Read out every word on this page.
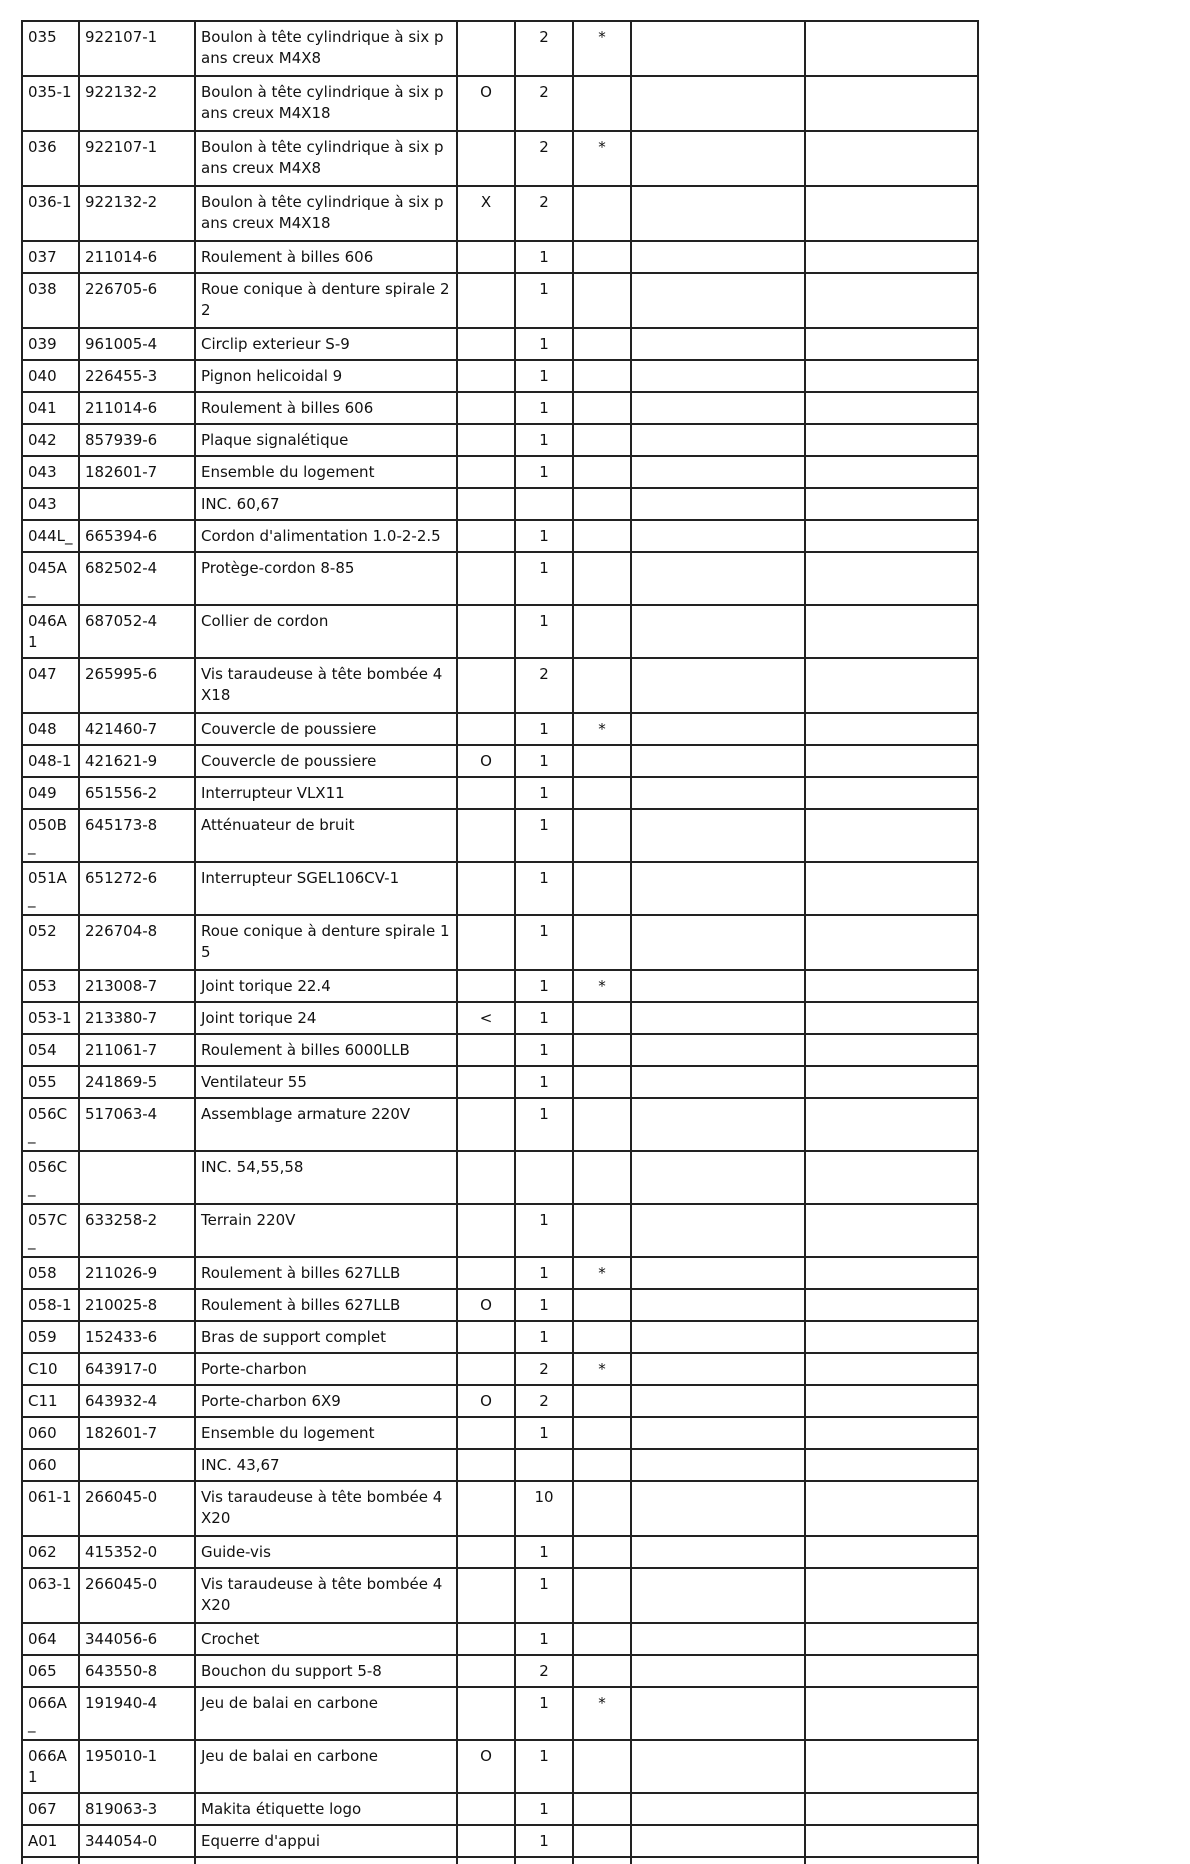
035	922107-1	Boulon à tête cylindrique à six pans creux M4X8		2	*		
035-1	922132-2	Boulon à tête cylindrique à six pans creux M4X18	O	2			
036	922107-1	Boulon à tête cylindrique à six pans creux M4X8		2	*		
036-1	922132-2	Boulon à tête cylindrique à six pans creux M4X18	X	2			
037	211014-6	Roulement à billes 606		1			
038	226705-6	Roue conique à denture spirale 22		1			
039	961005-4	Circlip exterieur S-9		1			
040	226455-3	Pignon helicoidal 9		1			
041	211014-6	Roulement à billes 606		1			
042	857939-6	Plaque signalétique		1			
043	182601-7	Ensemble du logement		1			
043		INC. 60,67					
044L_	665394-6	Cordon d'alimentation 1.0-2-2.5		1			
045A_	682502-4	Protège-cordon 8-85		1			
046A1	687052-4	Collier de cordon		1			
047	265995-6	Vis taraudeuse à tête bombée 4X18		2			
048	421460-7	Couvercle de poussiere		1	*		
048-1	421621-9	Couvercle de poussiere	O	1			
049	651556-2	Interrupteur VLX11		1			
050B_	645173-8	Atténuateur de bruit		1			
051A_	651272-6	Interrupteur SGEL106CV-1		1			
052	226704-8	Roue conique à denture spirale 15		1			
053	213008-7	Joint torique 22.4		1	*		
053-1	213380-7	Joint torique 24	<	1			
054	211061-7	Roulement à billes 6000LLB		1			
055	241869-5	Ventilateur 55		1			
056C_	517063-4	Assemblage armature 220V		1			
056C_		INC. 54,55,58					
057C_	633258-2	Terrain 220V		1			
058	211026-9	Roulement à billes 627LLB		1	*		
058-1	210025-8	Roulement à billes 627LLB	O	1			
059	152433-6	Bras de support complet		1			
C10	643917-0	Porte-charbon		2	*		
C11	643932-4	Porte-charbon 6X9	O	2			
060	182601-7	Ensemble du logement		1			
060		INC. 43,67					
061-1	266045-0	Vis taraudeuse à tête bombée 4X20		10			
062	415352-0	Guide-vis		1			
063-1	266045-0	Vis taraudeuse à tête bombée 4X20		1			
064	344056-6	Crochet		1			
065	643550-8	Bouchon du support 5-8		2			
066A_	191940-4	Jeu de balai en carbone		1	*		
066A1	195010-1	Jeu de balai en carbone	O	1			
067	819063-3	Makita étiquette logo		1			
A01	344054-0	Equerre d'appui		1			
